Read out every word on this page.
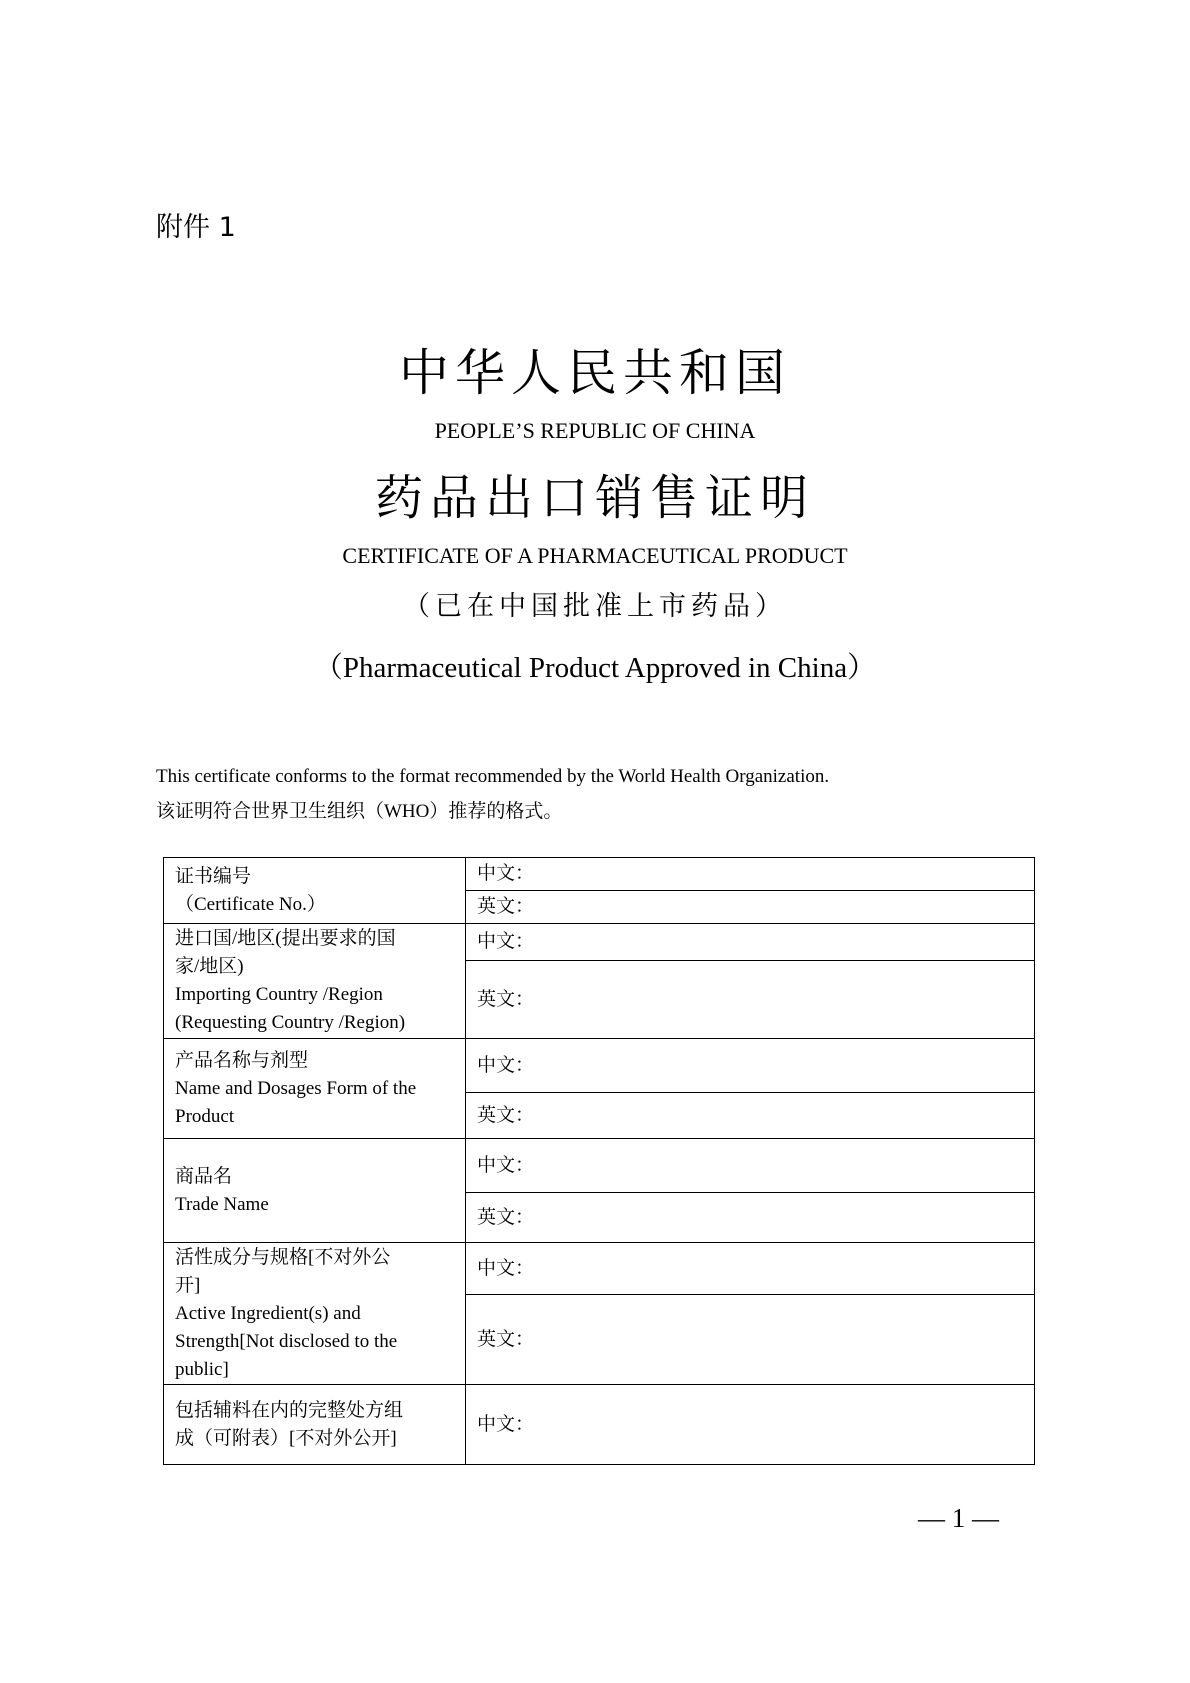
附件 1
中华人民共和国
PEOPLE’S REPUBLIC OF CHINA
药品出口销售证明
CERTIFICATE OF A PHARMACEUTICAL PRODUCT
（已在中国批准上市药品）
（Pharmaceutical Product Approved in China）
This certificate conforms to the format recommended by the World Health Organization.
该证明符合世界卫生组织（WHO）推荐的格式。
证书编号
（Certificate No.）	中文：
	英文：

进口国/地区(提出要求的国
家/地区)
Importing Country /Region
(Requesting Country /Region)	中文：
	英文：

产品名称与剂型
Name and Dosages Form of the
Product	中文：
	英文：

商品名
Trade Name	中文：
	英文：

活性成分与规格[不对外公
开]
Active Ingredient(s) and
Strength[Not disclosed to the
public]	中文：
	英文：

包括辅料在内的完整处方组
成（可附表）[不对外公开]	中文：
— 1 —
